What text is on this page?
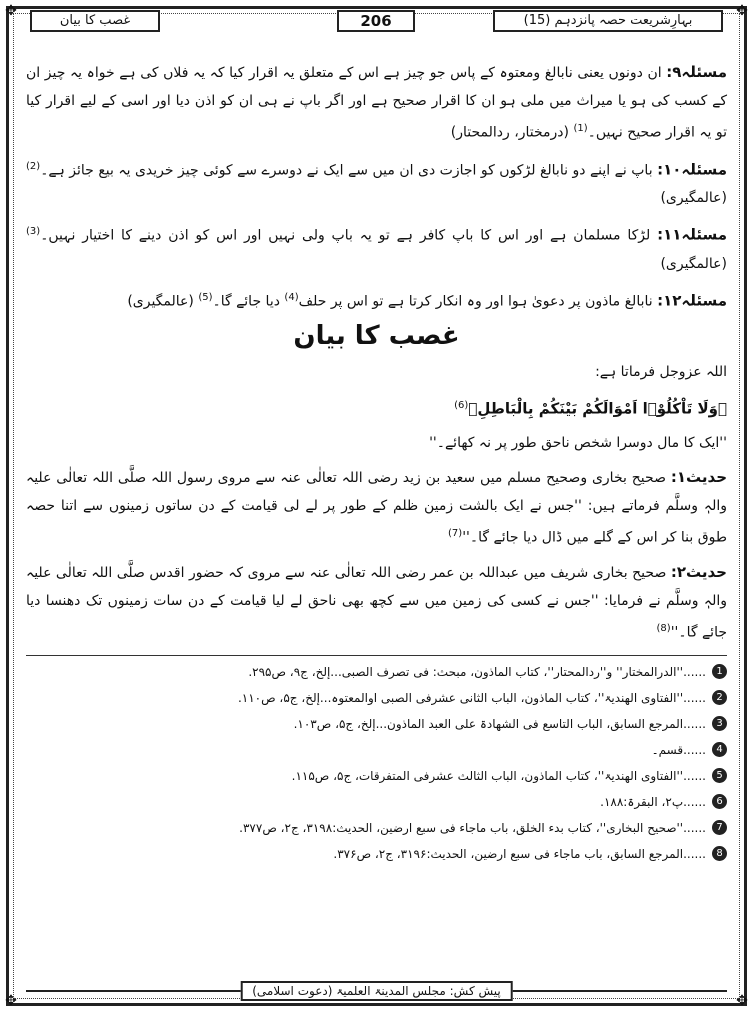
✥	✥
✥	✥
بہارِشریعت حصہ پانزدہم (15)
206
غصب کا بیان

مسئلہ۹: ان دونوں یعنی نابالغ ومعتوہ کے پاس جو چیز ہے اس کے متعلق یہ اقرار کیا کہ یہ فلاں کی ہے خواہ یہ چیز ان کے کسب کی ہو یا میراث میں ملی ہو ان کا اقرار صحیح ہے اور اگر باپ نے ہی ان کو اذن دیا اور اسی کے لیے اقرار کیا تو یہ اقرار صحیح نہیں۔$^{(1)}$ (درمختار، ردالمحتار)

مسئلہ۱۰: باپ نے اپنے دو نابالغ لڑکوں کو اجازت دی ان میں سے ایک نے دوسرے سے کوئی چیز خریدی یہ بیع جائز ہے۔$^{(2)}$ (عالمگیری)

مسئلہ۱۱: لڑکا مسلمان ہے اور اس کا باپ کافر ہے تو یہ باپ ولی نہیں اور اس کو اذن دینے کا اختیار نہیں۔$^{(3)}$ (عالمگیری)

مسئلہ۱۲: نابالغ ماذون پر دعویٰ ہوا اور وہ انکار کرتا ہے تو اس پر حلف$^{(4)}$ دیا جائے گا۔$^{(5)}$ (عالمگیری)

غصب کا بیان

اللہ عزوجل فرماتا ہے:

﴿وَلَا تَاْكُلُوْۤا اَمْوَالَكُمْ بَیْنَكُمْ بِالْبَاطِلِ﴾$^{(6)}$

''ایک کا مال دوسرا شخص ناحق طور پر نہ کھائے۔''

حدیث۱: صحیح بخاری وصحیح مسلم میں سعید بن زید رضی اللہ تعالٰی عنہ سے مروی رسول اللہ صلَّی اللہ تعالٰی علیہ والہٖ وسلَّم فرماتے ہیں: ''جس نے ایک بالشت زمین ظلم کے طور پر لے لی قیامت کے دن ساتوں زمینوں سے اتنا حصہ طوق بنا کر اس کے گلے میں ڈال دیا جائے $گا۔''^{(7)}$

حدیث۲: صحیح بخاری شریف میں عبداللہ بن عمر رضی اللہ تعالٰی عنہ سے مروی کہ حضور اقدس صلَّی اللہ تعالٰی علیہ والہٖ وسلَّم نے فرمایا: ''جس نے کسی کی زمین میں سے کچھ بھی ناحق لے لیا قیامت کے دن سات زمینوں تک دھنسا دیا جائے $گا۔''^{(8)}$

1
......''الدرالمختار'' و''ردالمحتار''، کتاب الماذون، مبحث: فی تصرف الصبی...إلخ، ج۹، ص۲۹۵.
2
......''الفتاوی الھندیۃ''، کتاب الماذون، الباب الثانی عشرفی الصبی اوالمعتوہ...إلخ، ج۵، ص۱۱۰.
3
......المرجع السابق، الباب التاسع فی الشھادۃ علی العبد الماذون...إلخ، ج۵، ص۱۰۳.
4
......قسم۔
5
......''الفتاوی الھندیۃ''، کتاب الماذون، الباب الثالث عشرفی المتفرقات، ج۵، ص۱۱۵.
6
......پ۲، البقرۃ:۱۸۸.
7
......''صحیح البخاری''، کتاب بدء الخلق، باب ماجاء فی سبع ارضین، الحدیث:۳۱۹۸، ج۲، ص۳۷۷.
8
......المرجع السابق، باب ماجاء فی سبع ارضین، الحدیث:۳۱۹۶، ج۲، ص۳۷۶.
پیش کش: مجلس المدینۃ العلمیۃ (دعوت اسلامی)
